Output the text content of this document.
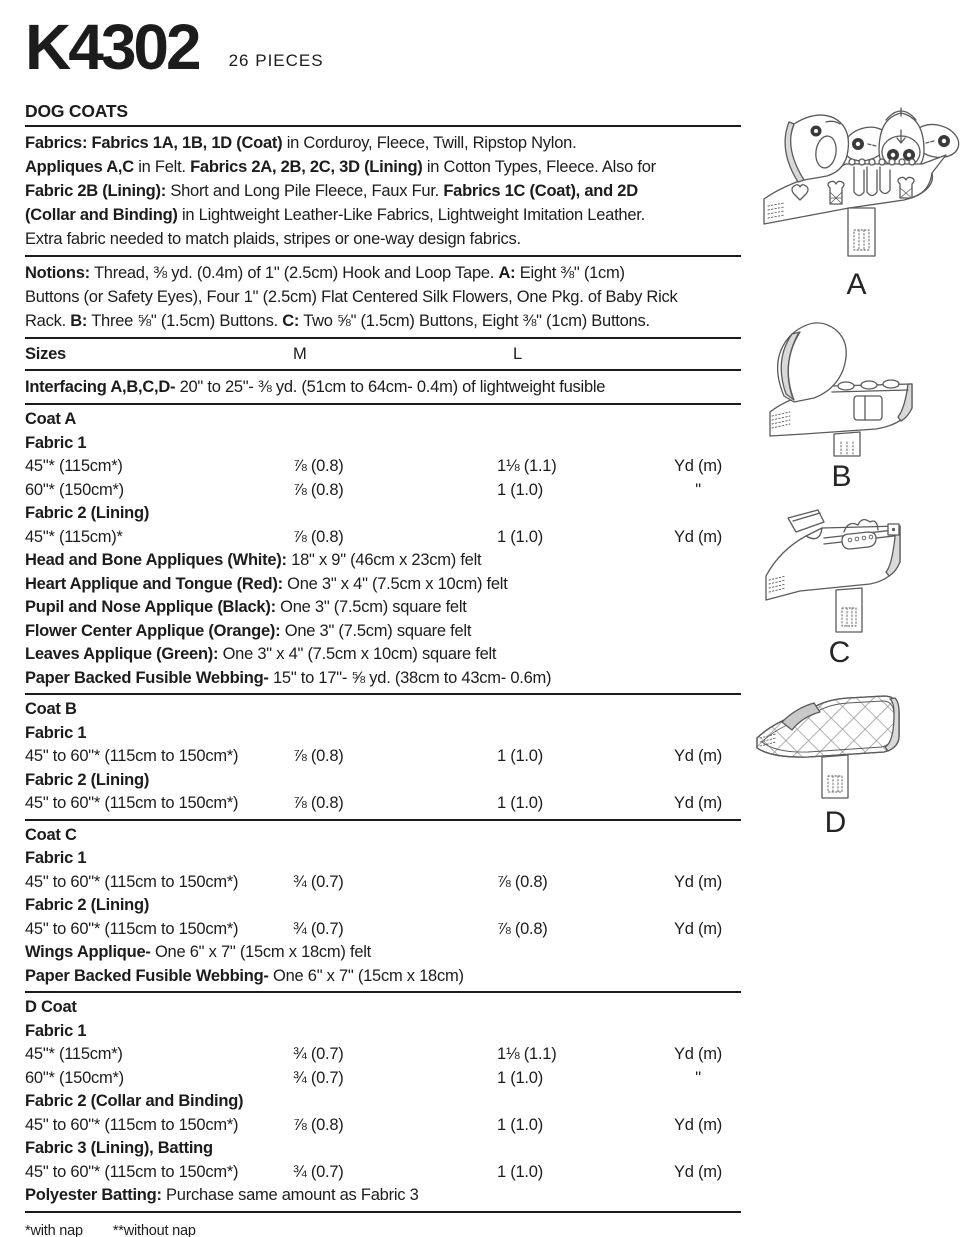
K4302 26 PIECES
DOG COATS
Fabrics: Fabrics 1A, 1B, 1D (Coat) in Corduroy, Fleece, Twill, Ripstop Nylon.
Appliques A,C in Felt. Fabrics 2A, 2B, 2C, 3D (Lining) in Cotton Types, Fleece. Also for
Fabric 2B (Lining): Short and Long Pile Fleece, Faux Fur. Fabrics 1C (Coat), and 2D
(Collar and Binding) in Lightweight Leather-Like Fabrics, Lightweight Imitation Leather.
Extra fabric needed to match plaids, stripes or one-way design fabrics.
Notions: Thread, ⅜ yd. (0.4m) of 1" (2.5cm) Hook and Loop Tape. A: Eight ⅜" (1cm)
Buttons (or Safety Eyes), Four 1" (2.5cm) Flat Centered Silk Flowers, One Pkg. of Baby Rick
Rack. B: Three ⅝" (1.5cm) Buttons. C: Two ⅝" (1.5cm) Buttons, Eight ⅜" (1cm) Buttons.
Sizes	M	L
Interfacing A,B,C,D- 20" to 25"- ⅜ yd. (51cm to 64cm- 0.4m) of lightweight fusible
Coat A
Fabric 1
45"* (115cm*)	⅞ (0.8)	1⅛ (1.1)	Yd (m)
60"* (150cm*)	⅞ (0.8)	1 (1.0)	"
Fabric 2 (Lining)
45"* (115cm)*	⅞ (0.8)	1 (1.0)	Yd (m)
Head and Bone Appliques (White): 18" x 9" (46cm x 23cm) felt
Heart Applique and Tongue (Red): One 3" x 4" (7.5cm x 10cm) felt
Pupil and Nose Applique (Black): One 3" (7.5cm) square felt
Flower Center Applique (Orange): One 3" (7.5cm) square felt
Leaves Applique (Green): One 3" x 4" (7.5cm x 10cm) square felt
Paper Backed Fusible Webbing- 15" to 17"- ⅝ yd. (38cm to 43cm- 0.6m)
Coat B
Fabric 1
45" to 60"* (115cm to 150cm*)	⅞ (0.8)	1 (1.0)	Yd (m)
Fabric 2 (Lining)
45" to 60"* (115cm to 150cm*)	⅞ (0.8)	1 (1.0)	Yd (m)
Coat C
Fabric 1
45" to 60"* (115cm to 150cm*)	¾ (0.7)	⅞ (0.8)	Yd (m)
Fabric 2 (Lining)
45" to 60"* (115cm to 150cm*)	¾ (0.7)	⅞ (0.8)	Yd (m)
Wings Applique- One 6" x 7" (15cm x 18cm) felt
Paper Backed Fusible Webbing- One 6" x 7" (15cm x 18cm)
D Coat
Fabric 1
45"* (115cm*)	¾ (0.7)	1⅛ (1.1)	Yd (m)
60"* (150cm*)	¾ (0.7)	1 (1.0)	"
Fabric 2 (Collar and Binding)
45" to 60"* (115cm to 150cm*)	⅞ (0.8)	1 (1.0)	Yd (m)
Fabric 3 (Lining), Batting
45" to 60"* (115cm to 150cm*)	¾ (0.7)	1 (1.0)	Yd (m)
Polyester Batting: Purchase same amount as Fabric 3
*with nap **without nap
A
B
C
D
